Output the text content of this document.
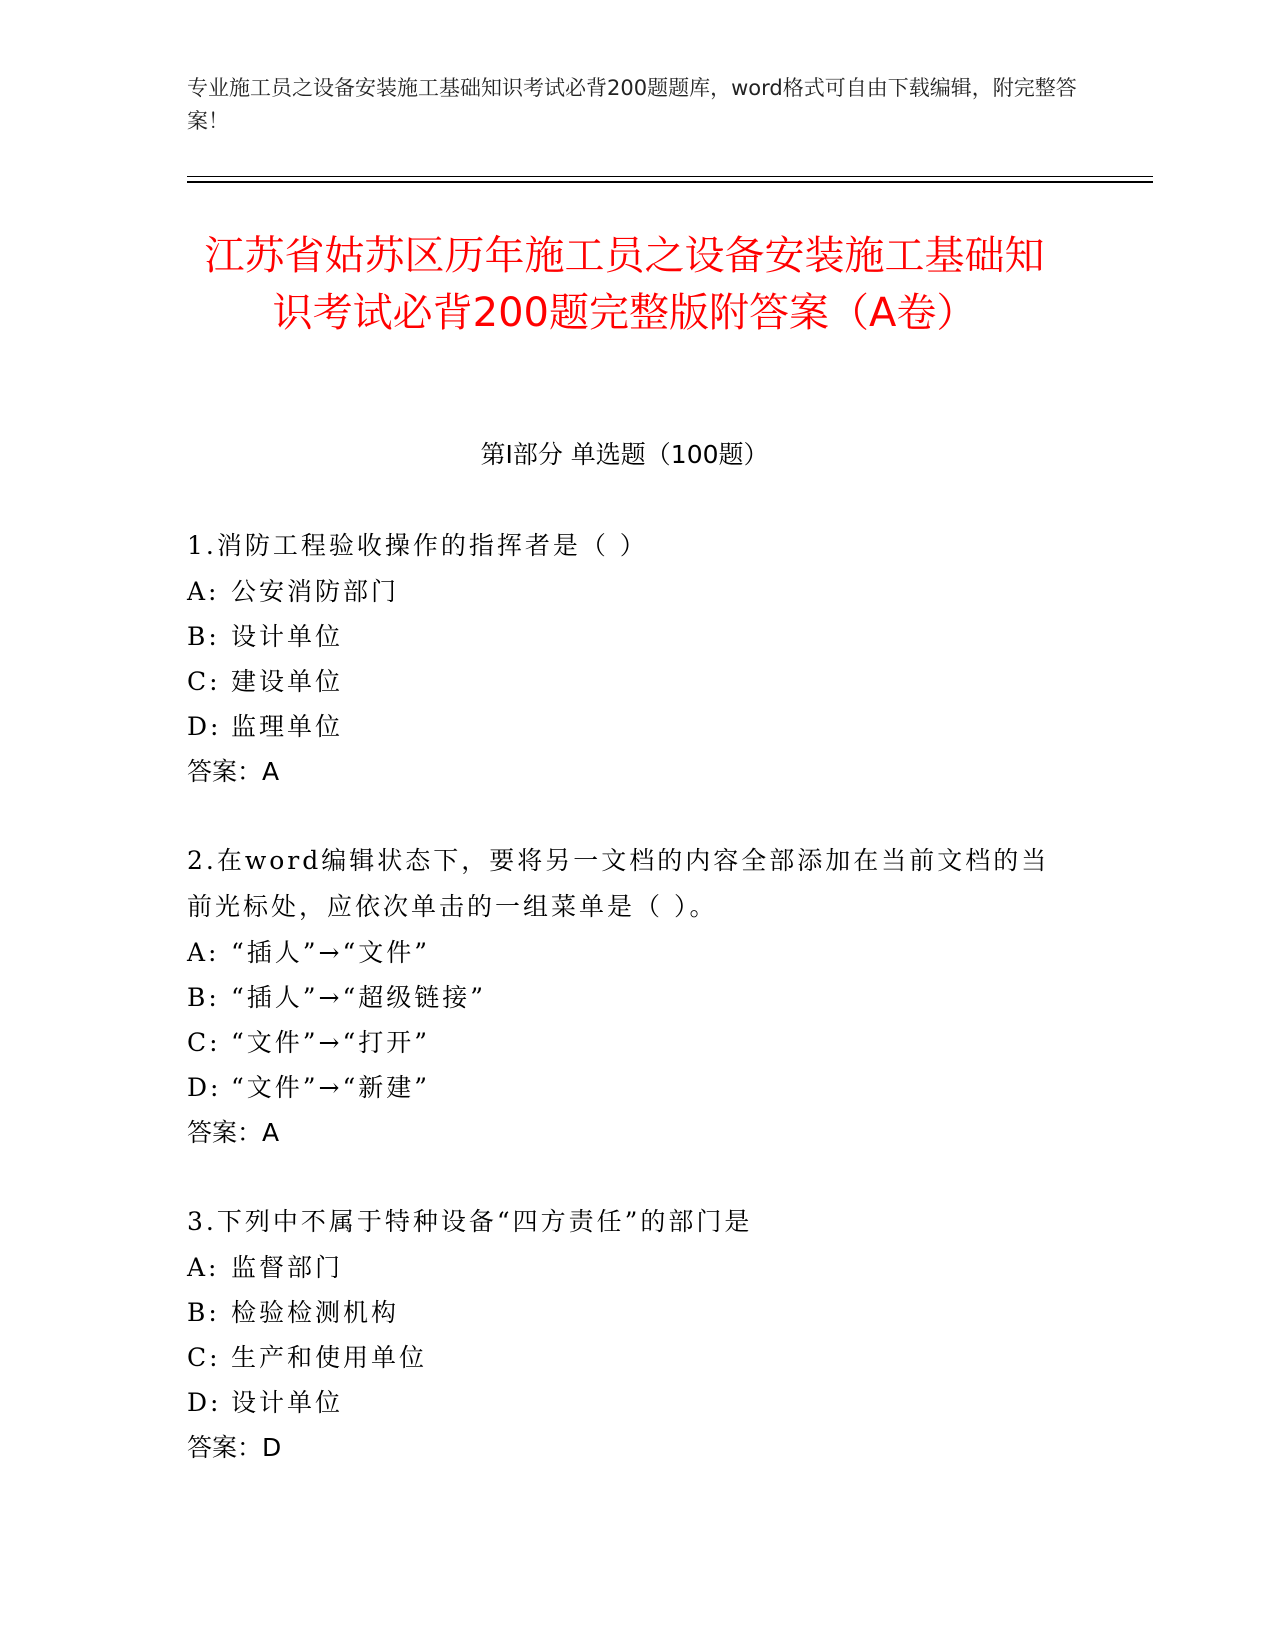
专业施工员之设备安装施工基础知识考试必背200题题库，word格式可自由下载编辑，附完整答案！
江苏省姑苏区历年施工员之设备安装施工基础知识考试必背200题完整版附答案（A卷）
第I部分 单选题（100题）
1.消防工程验收操作的指挥者是（ ）
A: 公安消防部门
B: 设计单位
C: 建设单位
D: 监理单位
答案：A
2.在word编辑状态下，要将另一文档的内容全部添加在当前文档的当前光标处，应依次单击的一组菜单是（ ）。
A: “插人”→“文件”
B: “插人”→“超级链接”
C: “文件”→“打开”
D: “文件”→“新建”
答案：A
3.下列中不属于特种设备“四方责任”的部门是
A: 监督部门
B: 检验检测机构
C: 生产和使用单位
D: 设计单位
答案：D
